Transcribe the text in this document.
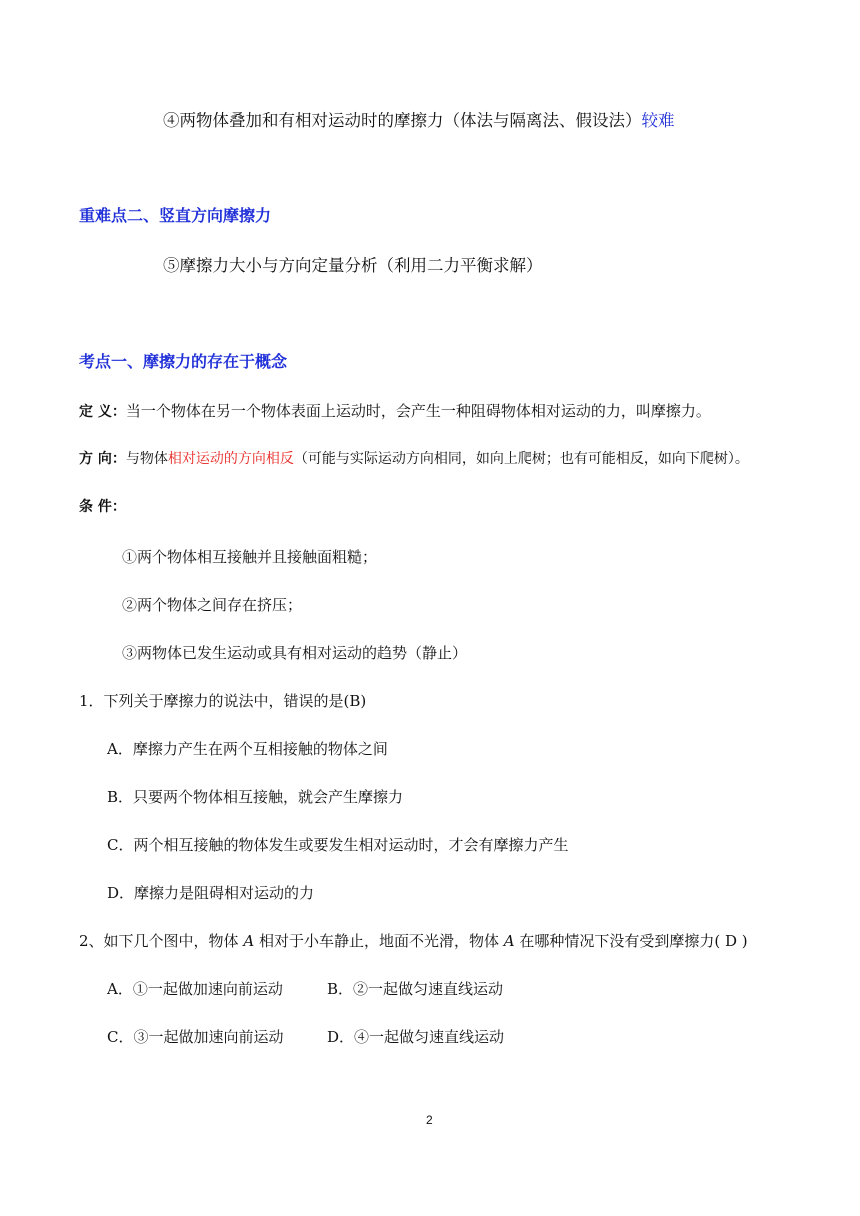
④两物体叠加和有相对运动时的摩擦力（体法与隔离法、假设法）较难
重难点二、竖直方向摩擦力
⑤摩擦力大小与方向定量分析（利用二力平衡求解）
考点一、摩擦力的存在于概念
定 义：当一个物体在另一个物体表面上运动时，会产生一种阻碍物体相对运动的力，叫摩擦力。
方 向：与物体相对运动的方向相反（可能与实际运动方向相同，如向上爬树；也有可能相反，如向下爬树）。
条 件：
①两个物体相互接触并且接触面粗糙；
②两个物体之间存在挤压；
③两物体已发生运动或具有相对运动的趋势（静止）
1．下列关于摩擦力的说法中，错误的是(B)
A．摩擦力产生在两个互相接触的物体之间
B．只要两个物体相互接触，就会产生摩擦力
C．两个相互接触的物体发生或要发生相对运动时，才会有摩擦力产生
D．摩擦力是阻碍相对运动的力
2、如下几个图中，物体 A 相对于小车静止，地面不光滑，物体 A 在哪种情况下没有受到摩擦力( D )
A．①一起做加速向前运动	B．②一起做匀速直线运动
C．③一起做加速向前运动	D．④一起做匀速直线运动
2
